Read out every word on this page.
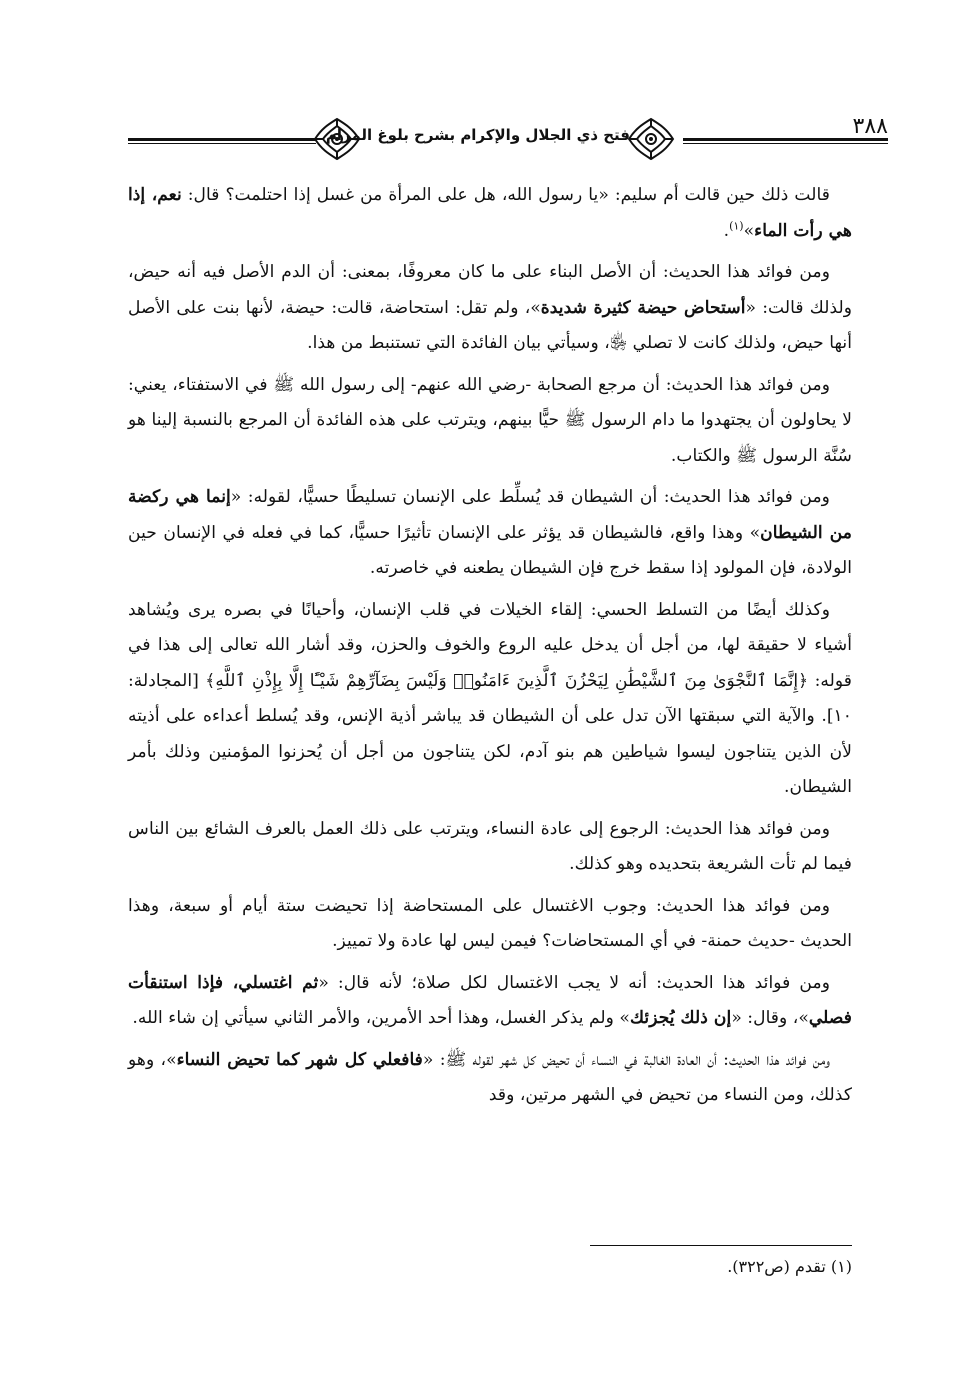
فتح ذي الجلال والإكرام بشرح بلوغ المرام	٣٨٨

قالت ذلك حين قالت أم سليم: «يا رسول الله، هل على المرأة من غسل إذا احتلمت؟ قال: نعم، إذا هي رأت الماء»$^{(١)}$.

ومن فوائد هذا الحديث: أن الأصل البناء على ما كان معروفًا، بمعنى: أن الدم الأصل فيه أنه حيض، ولذلك قالت: «أستحاض حيضة كثيرة شديدة»، ولم تقل: استحاضة، قالت: حيضة، لأنها بنت على الأصل أنها حيض، ولذلك كانت لا تصلي ﵂، وسيأتي بيان الفائدة التي تستنبط من هذا.

ومن فوائد هذا الحديث: أن مرجع الصحابة -رضي الله عنهم- إلى رسول الله ﷺ في الاستفتاء، يعني: لا يحاولون أن يجتهدوا ما دام الرسول ﷺ حيًّا بينهم، ويترتب على هذه الفائدة أن المرجع بالنسبة إلينا هو سُنَّة الرسول ﷺ والكتاب.

ومن فوائد هذا الحديث: أن الشيطان قد يُسلِّط على الإنسان تسليطًا حسيًّا، لقوله: «إنما هي ركضة من الشيطان» وهذا واقع، فالشيطان قد يؤثر على الإنسان تأثيرًا حسيًّا، كما في فعله في الإنسان حين الولادة، فإن المولود إذا سقط خرج فإن الشيطان يطعنه في خاصرته.

وكذلك أيضًا من التسلط الحسي: إلقاء الخيلات في قلب الإنسان، وأحيانًا في بصره يرى ويُشاهد أشياء لا حقيقة لها، من أجل أن يدخل عليه الروع والخوف والحزن، وقد أشار الله تعالى إلى هذا في قوله: ﴿إِنَّمَا ٱلنَّجْوَىٰ مِنَ ٱلشَّيْطَٰنِ لِيَحْزُنَ ٱلَّذِينَ ءَامَنُوا۟ وَلَيْسَ بِضَآرِّهِمْ شَيْـًٔا إِلَّا بِإِذْنِ ٱللَّهِ﴾ [المجادلة: ١٠]. والآية التي سبقتها الآن تدل على أن الشيطان قد يباشر أذية الإنس، وقد يُسلط أعداءه على أذيته لأن الذين يتناجون ليسوا شياطين هم بنو آدم، لكن يتناجون من أجل أن يُحزنوا المؤمنين وذلك بأمر الشيطان.

ومن فوائد هذا الحديث: الرجوع إلى عادة النساء، ويترتب على ذلك العمل بالعرف الشائع بين الناس فيما لم تأت الشريعة بتحديده وهو كذلك.

ومن فوائد هذا الحديث: وجوب الاغتسال على المستحاضة إذا تحيضت ستة أيام أو سبعة، وهذا الحديث -حديث حمنة- في أي المستحاضات؟ فيمن ليس لها عادة ولا تمييز.

ومن فوائد هذا الحديث: أنه لا يجب الاغتسال لكل صلاة؛ لأنه قال: «ثم اغتسلي، فإذا استنقأت فصلي»، وقال: «إن ذلك يُجزئك» ولم يذكر الغسل، وهذا أحد الأمرين، والأمر الثاني سيأتي إن شاء الله.

ومن فوائد هذا الحديث: أن العادة الغالبة في النساء أن تحيض كل شهر لقوله ﷺ: «فافعلي كل شهر كما تحيض النساء»، وهو كذلك، ومن النساء من تحيض في الشهر مرتين، وقد

(١) تقدم (ص٣٢٢).
